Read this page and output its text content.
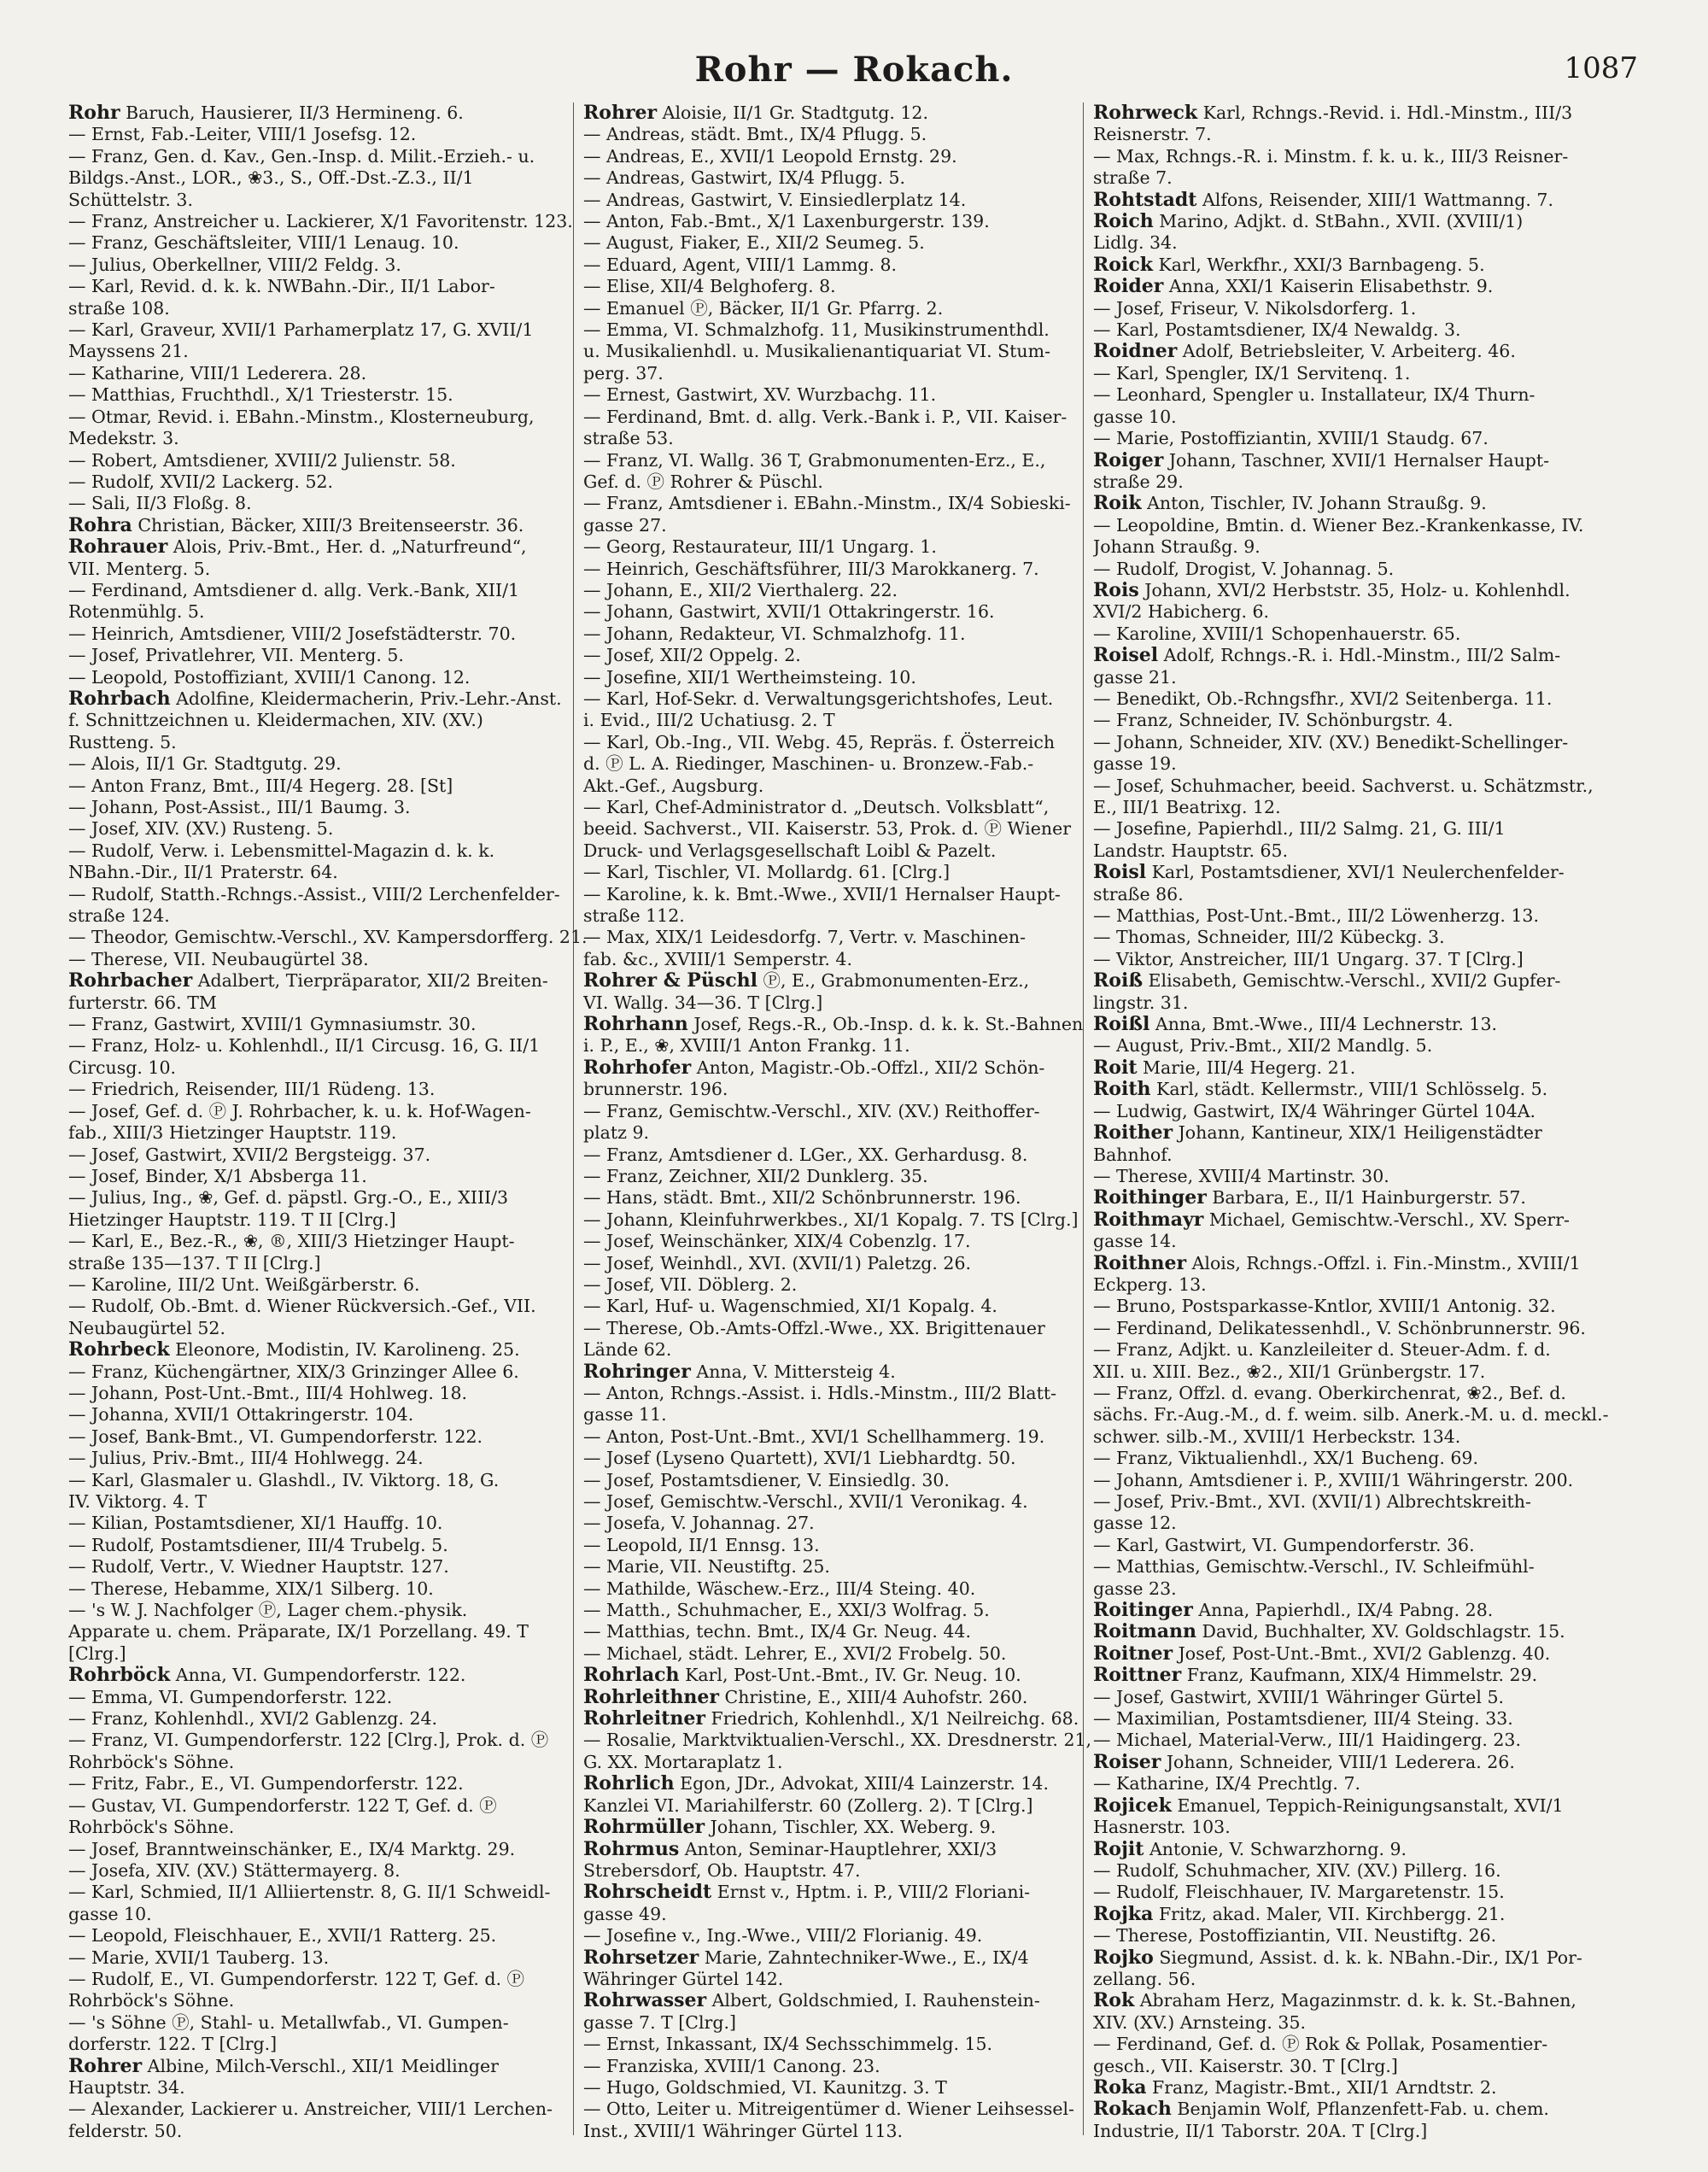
Rohr — Rokach.	1087
Rohr Baruch, Hausierer, II/3 Hermineng. 6.
— Ernst, Fab.-Leiter, VIII/1 Josefsg. 12.
— Franz, Gen. d. Kav., Gen.-Insp. d. Milit.-Erzieh.- u.
Bildgs.-Anst., LOR., ❀3., S., Off.-Dst.-Z.3., II/1
Schüttelstr. 3.
— Franz, Anstreicher u. Lackierer, X/1 Favoritenstr. 123.
— Franz, Geschäftsleiter, VIII/1 Lenaug. 10.
— Julius, Oberkellner, VIII/2 Feldg. 3.
— Karl, Revid. d. k. k. NWBahn.-Dir., II/1 Labor-
straße 108.
— Karl, Graveur, XVII/1 Parhamerplatz 17, G. XVII/1
Mayssens 21.
— Katharine, VIII/1 Lederera. 28.
— Matthias, Fruchthdl., X/1 Triesterstr. 15.
— Otmar, Revid. i. EBahn.-Minstm., Klosterneuburg,
Medekstr. 3.
— Robert, Amtsdiener, XVIII/2 Julienstr. 58.
— Rudolf, XVII/2 Lackerg. 52.
— Sali, II/3 Floßg. 8.
Rohra Christian, Bäcker, XIII/3 Breitenseerstr. 36.
Rohrauer Alois, Priv.-Bmt., Her. d. „Naturfreund“,
VII. Menterg. 5.
— Ferdinand, Amtsdiener d. allg. Verk.-Bank, XII/1
Rotenmühlg. 5.
— Heinrich, Amtsdiener, VIII/2 Josefstädterstr. 70.
— Josef, Privatlehrer, VII. Menterg. 5.
— Leopold, Postoffiziant, XVIII/1 Canong. 12.
Rohrbach Adolfine, Kleidermacherin, Priv.-Lehr.-Anst.
f. Schnittzeichnen u. Kleidermachen, XIV. (XV.)
Rustteng. 5.
— Alois, II/1 Gr. Stadtgutg. 29.
— Anton Franz, Bmt., III/4 Hegerg. 28. [St]
— Johann, Post-Assist., III/1 Baumg. 3.
— Josef, XIV. (XV.) Rusteng. 5.
— Rudolf, Verw. i. Lebensmittel-Magazin d. k. k.
NBahn.-Dir., II/1 Praterstr. 64.
— Rudolf, Statth.-Rchngs.-Assist., VIII/2 Lerchenfelder-
straße 124.
— Theodor, Gemischtw.-Verschl., XV. Kampersdorfferg. 21.
— Therese, VII. Neubaugürtel 38.
Rohrbacher Adalbert, Tierpräparator, XII/2 Breiten-
furterstr. 66. TM
— Franz, Gastwirt, XVIII/1 Gymnasiumstr. 30.
— Franz, Holz- u. Kohlenhdl., II/1 Circusg. 16, G. II/1
Circusg. 10.
— Friedrich, Reisender, III/1 Rüdeng. 13.
— Josef, Gef. d. Ⓟ J. Rohrbacher, k. u. k. Hof-Wagen-
fab., XIII/3 Hietzinger Hauptstr. 119.
— Josef, Gastwirt, XVII/2 Bergsteigg. 37.
— Josef, Binder, X/1 Absberga 11.
— Julius, Ing., ❀, Gef. d. päpstl. Grg.-O., E., XIII/3
Hietzinger Hauptstr. 119. T II [Clrg.]
— Karl, E., Bez.-R., ❀, ®, XIII/3 Hietzinger Haupt-
straße 135—137. T II [Clrg.]
— Karoline, III/2 Unt. Weißgärberstr. 6.
— Rudolf, Ob.-Bmt. d. Wiener Rückversich.-Gef., VII.
Neubaugürtel 52.
Rohrbeck Eleonore, Modistin, IV. Karolineng. 25.
— Franz, Küchengärtner, XIX/3 Grinzinger Allee 6.
— Johann, Post-Unt.-Bmt., III/4 Hohlweg. 18.
— Johanna, XVII/1 Ottakringerstr. 104.
— Josef, Bank-Bmt., VI. Gumpendorferstr. 122.
— Julius, Priv.-Bmt., III/4 Hohlwegg. 24.
— Karl, Glasmaler u. Glashdl., IV. Viktorg. 18, G.
IV. Viktorg. 4. T
— Kilian, Postamtsdiener, XI/1 Hauffg. 10.
— Rudolf, Postamtsdiener, III/4 Trubelg. 5.
— Rudolf, Vertr., V. Wiedner Hauptstr. 127.
— Therese, Hebamme, XIX/1 Silberg. 10.
— 's W. J. Nachfolger Ⓟ, Lager chem.-physik.
Apparate u. chem. Präparate, IX/1 Porzellang. 49. T
[Clrg.]
Rohrböck Anna, VI. Gumpendorferstr. 122.
— Emma, VI. Gumpendorferstr. 122.
— Franz, Kohlenhdl., XVI/2 Gablenzg. 24.
— Franz, VI. Gumpendorferstr. 122 [Clrg.], Prok. d. Ⓟ
Rohrböck's Söhne.
— Fritz, Fabr., E., VI. Gumpendorferstr. 122.
— Gustav, VI. Gumpendorferstr. 122 T, Gef. d. Ⓟ
Rohrböck's Söhne.
— Josef, Branntweinschänker, E., IX/4 Marktg. 29.
— Josefa, XIV. (XV.) Stättermayerg. 8.
— Karl, Schmied, II/1 Alliiertenstr. 8, G. II/1 Schweidl-
gasse 10.
— Leopold, Fleischhauer, E., XVII/1 Ratterg. 25.
— Marie, XVII/1 Tauberg. 13.
— Rudolf, E., VI. Gumpendorferstr. 122 T, Gef. d. Ⓟ
Rohrböck's Söhne.
— 's Söhne Ⓟ, Stahl- u. Metallwfab., VI. Gumpen-
dorferstr. 122. T [Clrg.]
Rohrer Albine, Milch-Verschl., XII/1 Meidlinger
Hauptstr. 34.
— Alexander, Lackierer u. Anstreicher, VIII/1 Lerchen-
felderstr. 50.
Rohrer Aloisie, II/1 Gr. Stadtgutg. 12.
— Andreas, städt. Bmt., IX/4 Pflugg. 5.
— Andreas, E., XVII/1 Leopold Ernstg. 29.
— Andreas, Gastwirt, IX/4 Pflugg. 5.
— Andreas, Gastwirt, V. Einsiedlerplatz 14.
— Anton, Fab.-Bmt., X/1 Laxenburgerstr. 139.
— August, Fiaker, E., XII/2 Seumeg. 5.
— Eduard, Agent, VIII/1 Lammg. 8.
— Elise, XII/4 Belghoferg. 8.
— Emanuel Ⓟ, Bäcker, II/1 Gr. Pfarrg. 2.
— Emma, VI. Schmalzhofg. 11, Musikinstrumenthdl.
u. Musikalienhdl. u. Musikalienantiquariat VI. Stum-
perg. 37.
— Ernest, Gastwirt, XV. Wurzbachg. 11.
— Ferdinand, Bmt. d. allg. Verk.-Bank i. P., VII. Kaiser-
straße 53.
— Franz, VI. Wallg. 36 T, Grabmonumenten-Erz., E.,
Gef. d. Ⓟ Rohrer & Püschl.
— Franz, Amtsdiener i. EBahn.-Minstm., IX/4 Sobieski-
gasse 27.
— Georg, Restaurateur, III/1 Ungarg. 1.
— Heinrich, Geschäftsführer, III/3 Marokkanerg. 7.
— Johann, E., XII/2 Vierthalerg. 22.
— Johann, Gastwirt, XVII/1 Ottakringerstr. 16.
— Johann, Redakteur, VI. Schmalzhofg. 11.
— Josef, XII/2 Oppelg. 2.
— Josefine, XII/1 Wertheimsteing. 10.
— Karl, Hof-Sekr. d. Verwaltungsgerichtshofes, Leut.
i. Evid., III/2 Uchatiusg. 2. T
— Karl, Ob.-Ing., VII. Webg. 45, Repräs. f. Österreich
d. Ⓟ L. A. Riedinger, Maschinen- u. Bronzew.-Fab.-
Akt.-Gef., Augsburg.
— Karl, Chef-Administrator d. „Deutsch. Volksblatt“,
beeid. Sachverst., VII. Kaiserstr. 53, Prok. d. Ⓟ Wiener
Druck- und Verlagsgesellschaft Loibl & Pazelt.
— Karl, Tischler, VI. Mollardg. 61. [Clrg.]
— Karoline, k. k. Bmt.-Wwe., XVII/1 Hernalser Haupt-
straße 112.
— Max, XIX/1 Leidesdorfg. 7, Vertr. v. Maschinen-
fab. &c., XVIII/1 Semperstr. 4.
Rohrer & Püschl Ⓟ, E., Grabmonumenten-Erz.,
VI. Wallg. 34—36. T [Clrg.]
Rohrhann Josef, Regs.-R., Ob.-Insp. d. k. k. St.-Bahnen
i. P., E., ❀, XVIII/1 Anton Frankg. 11.
Rohrhofer Anton, Magistr.-Ob.-Offzl., XII/2 Schön-
brunnerstr. 196.
— Franz, Gemischtw.-Verschl., XIV. (XV.) Reithoffer-
platz 9.
— Franz, Amtsdiener d. LGer., XX. Gerhardusg. 8.
— Franz, Zeichner, XII/2 Dunklerg. 35.
— Hans, städt. Bmt., XII/2 Schönbrunnerstr. 196.
— Johann, Kleinfuhrwerkbes., XI/1 Kopalg. 7. TS [Clrg.]
— Josef, Weinschänker, XIX/4 Cobenzlg. 17.
— Josef, Weinhdl., XVI. (XVII/1) Paletzg. 26.
— Josef, VII. Döblerg. 2.
— Karl, Huf- u. Wagenschmied, XI/1 Kopalg. 4.
— Therese, Ob.-Amts-Offzl.-Wwe., XX. Brigittenauer
Lände 62.
Rohringer Anna, V. Mittersteig 4.
— Anton, Rchngs.-Assist. i. Hdls.-Minstm., III/2 Blatt-
gasse 11.
— Anton, Post-Unt.-Bmt., XVI/1 Schellhammerg. 19.
— Josef (Lyseno Quartett), XVI/1 Liebhardtg. 50.
— Josef, Postamtsdiener, V. Einsiedlg. 30.
— Josef, Gemischtw.-Verschl., XVII/1 Veronikag. 4.
— Josefa, V. Johannag. 27.
— Leopold, II/1 Ennsg. 13.
— Marie, VII. Neustiftg. 25.
— Mathilde, Wäschew.-Erz., III/4 Steing. 40.
— Matth., Schuhmacher, E., XXI/3 Wolfrag. 5.
— Matthias, techn. Bmt., IX/4 Gr. Neug. 44.
— Michael, städt. Lehrer, E., XVI/2 Frobelg. 50.
Rohrlach Karl, Post-Unt.-Bmt., IV. Gr. Neug. 10.
Rohrleithner Christine, E., XIII/4 Auhofstr. 260.
Rohrleitner Friedrich, Kohlenhdl., X/1 Neilreichg. 68.
— Rosalie, Marktviktualien-Verschl., XX. Dresdnerstr. 21,
G. XX. Mortaraplatz 1.
Rohrlich Egon, JDr., Advokat, XIII/4 Lainzerstr. 14.
Kanzlei VI. Mariahilferstr. 60 (Zollerg. 2). T [Clrg.]
Rohrmüller Johann, Tischler, XX. Weberg. 9.
Rohrmus Anton, Seminar-Hauptlehrer, XXI/3
Strebersdorf, Ob. Hauptstr. 47.
Rohrscheidt Ernst v., Hptm. i. P., VIII/2 Floriani-
gasse 49.
— Josefine v., Ing.-Wwe., VIII/2 Florianig. 49.
Rohrsetzer Marie, Zahntechniker-Wwe., E., IX/4
Währinger Gürtel 142.
Rohrwasser Albert, Goldschmied, I. Rauhenstein-
gasse 7. T [Clrg.]
— Ernst, Inkassant, IX/4 Sechsschimmelg. 15.
— Franziska, XVIII/1 Canong. 23.
— Hugo, Goldschmied, VI. Kaunitzg. 3. T
— Otto, Leiter u. Mitreigentümer d. Wiener Leihsessel-
Inst., XVIII/1 Währinger Gürtel 113.
Rohrweck Karl, Rchngs.-Revid. i. Hdl.-Minstm., III/3
Reisnerstr. 7.
— Max, Rchngs.-R. i. Minstm. f. k. u. k., III/3 Reisner-
straße 7.
Rohtstadt Alfons, Reisender, XIII/1 Wattmanng. 7.
Roich Marino, Adjkt. d. StBahn., XVII. (XVIII/1)
Lidlg. 34.
Roick Karl, Werkfhr., XXI/3 Barnbageng. 5.
Roider Anna, XXI/1 Kaiserin Elisabethstr. 9.
— Josef, Friseur, V. Nikolsdorferg. 1.
— Karl, Postamtsdiener, IX/4 Newaldg. 3.
Roidner Adolf, Betriebsleiter, V. Arbeiterg. 46.
— Karl, Spengler, IX/1 Servitenq. 1.
— Leonhard, Spengler u. Installateur, IX/4 Thurn-
gasse 10.
— Marie, Postoffiziantin, XVIII/1 Staudg. 67.
Roiger Johann, Taschner, XVII/1 Hernalser Haupt-
straße 29.
Roik Anton, Tischler, IV. Johann Straußg. 9.
— Leopoldine, Bmtin. d. Wiener Bez.-Krankenkasse, IV.
Johann Straußg. 9.
— Rudolf, Drogist, V. Johannag. 5.
Rois Johann, XVI/2 Herbststr. 35, Holz- u. Kohlenhdl.
XVI/2 Habicherg. 6.
— Karoline, XVIII/1 Schopenhauerstr. 65.
Roisel Adolf, Rchngs.-R. i. Hdl.-Minstm., III/2 Salm-
gasse 21.
— Benedikt, Ob.-Rchngsfhr., XVI/2 Seitenberga. 11.
— Franz, Schneider, IV. Schönburgstr. 4.
— Johann, Schneider, XIV. (XV.) Benedikt-Schellinger-
gasse 19.
— Josef, Schuhmacher, beeid. Sachverst. u. Schätzmstr.,
E., III/1 Beatrixg. 12.
— Josefine, Papierhdl., III/2 Salmg. 21, G. III/1
Landstr. Hauptstr. 65.
Roisl Karl, Postamtsdiener, XVI/1 Neulerchenfelder-
straße 86.
— Matthias, Post-Unt.-Bmt., III/2 Löwenherzg. 13.
— Thomas, Schneider, III/2 Kübeckg. 3.
— Viktor, Anstreicher, III/1 Ungarg. 37. T [Clrg.]
Roiß Elisabeth, Gemischtw.-Verschl., XVII/2 Gupfer-
lingstr. 31.
Roißl Anna, Bmt.-Wwe., III/4 Lechnerstr. 13.
— August, Priv.-Bmt., XII/2 Mandlg. 5.
Roit Marie, III/4 Hegerg. 21.
Roith Karl, städt. Kellermstr., VIII/1 Schlösselg. 5.
— Ludwig, Gastwirt, IX/4 Währinger Gürtel 104A.
Roither Johann, Kantineur, XIX/1 Heiligenstädter
Bahnhof.
— Therese, XVIII/4 Martinstr. 30.
Roithinger Barbara, E., II/1 Hainburgerstr. 57.
Roithmayr Michael, Gemischtw.-Verschl., XV. Sperr-
gasse 14.
Roithner Alois, Rchngs.-Offzl. i. Fin.-Minstm., XVIII/1
Eckperg. 13.
— Bruno, Postsparkasse-Kntlor, XVIII/1 Antonig. 32.
— Ferdinand, Delikatessenhdl., V. Schönbrunnerstr. 96.
— Franz, Adjkt. u. Kanzleileiter d. Steuer-Adm. f. d.
XII. u. XIII. Bez., ❀2., XII/1 Grünbergstr. 17.
— Franz, Offzl. d. evang. Oberkirchenrat, ❀2., Bef. d.
sächs. Fr.-Aug.-M., d. f. weim. silb. Anerk.-M. u. d. meckl.-
schwer. silb.-M., XVIII/1 Herbeckstr. 134.
— Franz, Viktualienhdl., XX/1 Bucheng. 69.
— Johann, Amtsdiener i. P., XVIII/1 Währingerstr. 200.
— Josef, Priv.-Bmt., XVI. (XVII/1) Albrechtskreith-
gasse 12.
— Karl, Gastwirt, VI. Gumpendorferstr. 36.
— Matthias, Gemischtw.-Verschl., IV. Schleifmühl-
gasse 23.
Roitinger Anna, Papierhdl., IX/4 Pabng. 28.
Roitmann David, Buchhalter, XV. Goldschlagstr. 15.
Roitner Josef, Post-Unt.-Bmt., XVI/2 Gablenzg. 40.
Roittner Franz, Kaufmann, XIX/4 Himmelstr. 29.
— Josef, Gastwirt, XVIII/1 Währinger Gürtel 5.
— Maximilian, Postamtsdiener, III/4 Steing. 33.
— Michael, Material-Verw., III/1 Haidingerg. 23.
Roiser Johann, Schneider, VIII/1 Lederera. 26.
— Katharine, IX/4 Prechtlg. 7.
Rojicek Emanuel, Teppich-Reinigungsanstalt, XVI/1
Hasnerstr. 103.
Rojit Antonie, V. Schwarzhorng. 9.
— Rudolf, Schuhmacher, XIV. (XV.) Pillerg. 16.
— Rudolf, Fleischhauer, IV. Margaretenstr. 15.
Rojka Fritz, akad. Maler, VII. Kirchbergg. 21.
— Therese, Postoffiziantin, VII. Neustiftg. 26.
Rojko Siegmund, Assist. d. k. k. NBahn.-Dir., IX/1 Por-
zellang. 56.
Rok Abraham Herz, Magazinmstr. d. k. k. St.-Bahnen,
XIV. (XV.) Arnsteing. 35.
— Ferdinand, Gef. d. Ⓟ Rok & Pollak, Posamentier-
gesch., VII. Kaiserstr. 30. T [Clrg.]
Roka Franz, Magistr.-Bmt., XII/1 Arndtstr. 2.
Rokach Benjamin Wolf, Pflanzenfett-Fab. u. chem.
Industrie, II/1 Taborstr. 20A. T [Clrg.]
